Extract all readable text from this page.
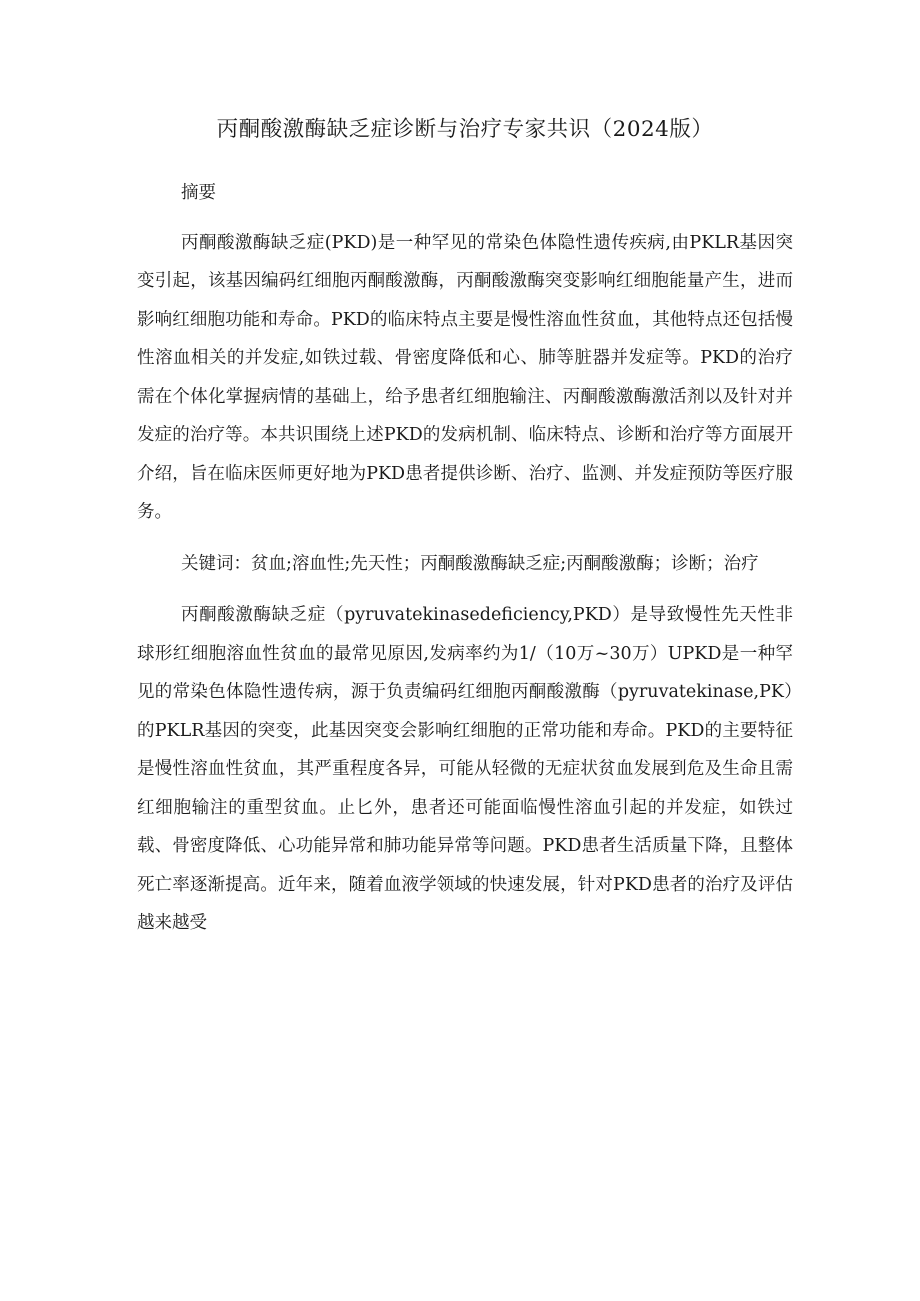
丙酮酸激酶缺乏症诊断与治疗专家共识（2024版）

摘要

丙酮酸激酶缺乏症(PKD)是一种罕见的常染色体隐性遗传疾病,由PKLR基因突变引起，该基因编码红细胞丙酮酸激酶，丙酮酸激酶突变影响红细胞能量产生，进而影响红细胞功能和寿命。PKD的临床特点主要是慢性溶血性贫血，其他特点还包括慢性溶血相关的并发症,如铁过载、骨密度降低和心、肺等脏器并发症等。PKD的治疗需在个体化掌握病情的基础上，给予患者红细胞输注、丙酮酸激酶激活剂以及针对并发症的治疗等。本共识围绕上述PKD的发病机制、临床特点、诊断和治疗等方面展开介绍，旨在临床医师更好地为PKD患者提供诊断、治疗、监测、并发症预防等医疗服务。

关键词：贫血;溶血性;先天性；丙酮酸激酶缺乏症;丙酮酸激酶；诊断；治疗

丙酮酸激酶缺乏症（pyruvatekinasedeficiency,PKD）是导致慢性先天性非球形红细胞溶血性贫血的最常见原因,发病率约为1/（10万~30万）UPKD是一种罕见的常染色体隐性遗传病，源于负责编码红细胞丙酮酸激酶（pyruvatekinase,PK）的PKLR基因的突变，此基因突变会影响红细胞的正常功能和寿命。PKD的主要特征是慢性溶血性贫血，其严重程度各异，可能从轻微的无症状贫血发展到危及生命且需红细胞输注的重型贫血。止匕外，患者还可能面临慢性溶血引起的并发症，如铁过载、骨密度降低、心功能异常和肺功能异常等问题。PKD患者生活质量下降，且整体死亡率逐渐提高。近年来，随着血液学领域的快速发展，针对PKD患者的治疗及评估越来越受
